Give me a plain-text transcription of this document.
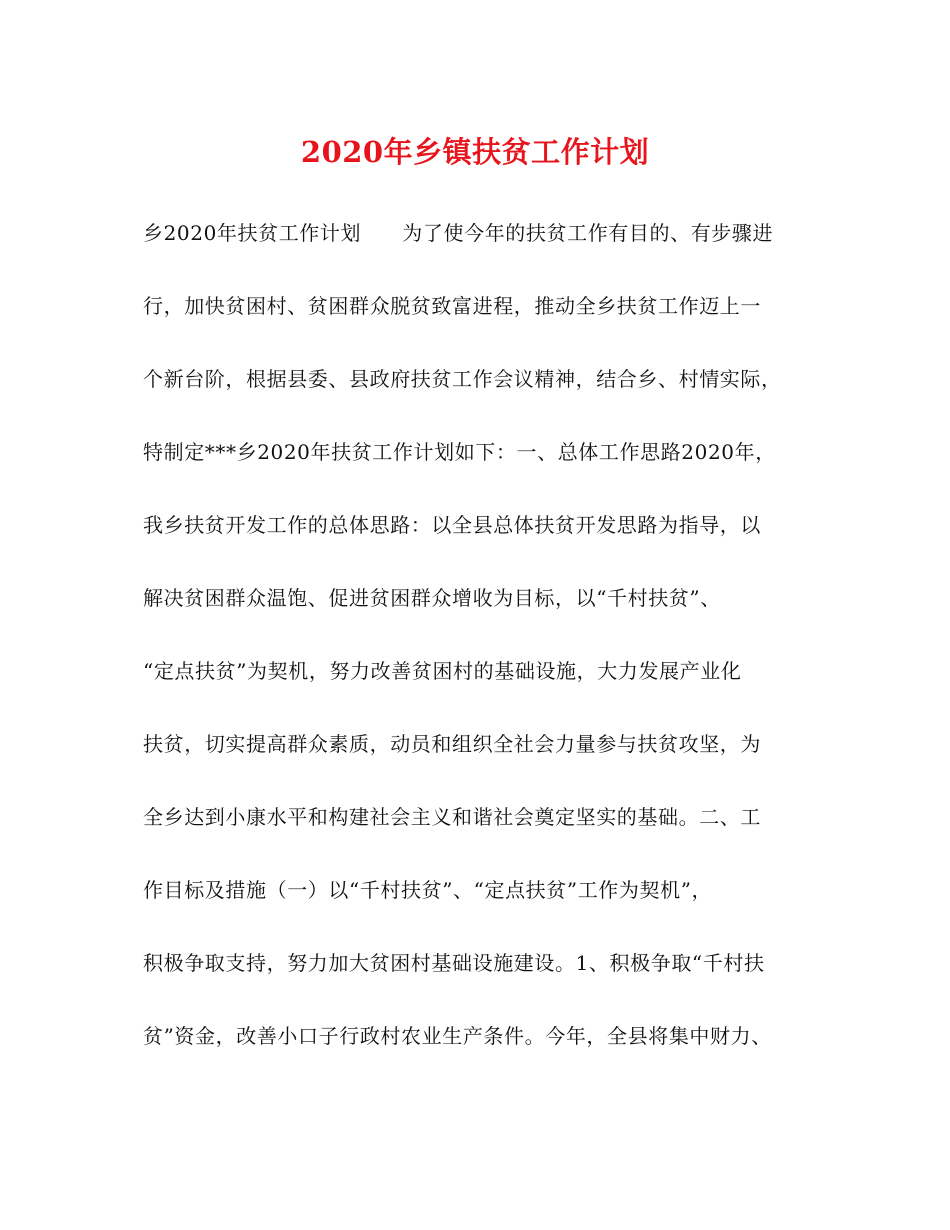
2020年乡镇扶贫工作计划
乡2020年扶贫工作计划　　为了使今年的扶贫工作有目的、有步骤进
行，加快贫困村、贫困群众脱贫致富进程，推动全乡扶贫工作迈上一
个新台阶，根据县委、县政府扶贫工作会议精神，结合乡、村情实际，
特制定***乡2020年扶贫工作计划如下：一、总体工作思路2020年，
我乡扶贫开发工作的总体思路：以全县总体扶贫开发思路为指导，以
解决贫困群众温饱、促进贫困群众增收为目标，以“千村扶贫”、
“定点扶贫”为契机，努力改善贫困村的基础设施，大力发展产业化
扶贫，切实提高群众素质，动员和组织全社会力量参与扶贫攻坚，为
全乡达到小康水平和构建社会主义和谐社会奠定坚实的基础。二、工
作目标及措施（一）以“千村扶贫”、“定点扶贫”工作为契机”，
积极争取支持，努力加大贫困村基础设施建设。1、积极争取“千村扶
贫”资金，改善小口子行政村农业生产条件。今年，全县将集中财力、
